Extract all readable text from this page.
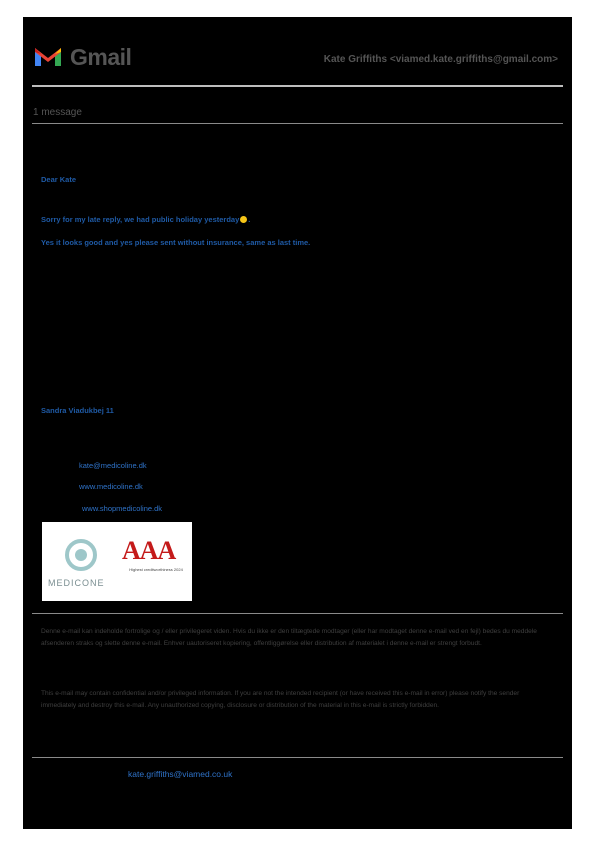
Gmail	Kate Griffiths <viamed.kate.griffiths@gmail.com>
1 message
Dear Kate
Sorry for my late reply, we had public holiday yesterday .
Yes it looks good and yes please sent without insurance, same as last time.
Sandra Viadukbej 11
kate@medicoline.dk
www.medicoline.dk
www.shopmedicoline.dk
MEDICONE
AAA
Highest creditworthiness 2024
Denne e-mail kan indeholde fortrolige og / eller privilegeret viden. Hvis du ikke er den tiltægtede modtager (eller har modtaget denne e-mail ved en fejl) bedes du meddele afsenderen straks og slette denne e-mail. Enhver uautoriseret kopiering, offentliggørelse eller distribution af materialet i denne e-mail er strengt forbudt.
This e-mail may contain confidential and/or privileged information. If you are not the intended recipient (or have received this e-mail in error) please notify the sender immediately and destroy this e-mail. Any unauthorized copying, disclosure or distribution of the material in this e-mail is strictly forbidden.
kate.griffiths@viamed.co.uk
